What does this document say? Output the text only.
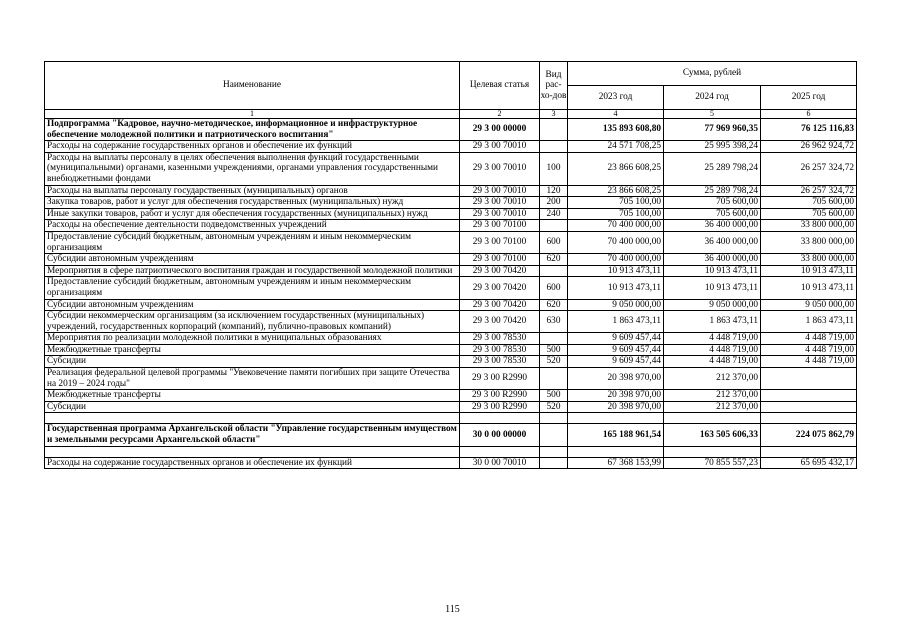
Наименование	Целевая статья	Вид рас-хо-дов	Сумма, рублей		
			2023 год	2024 год	2025 год
1	2	3	4	5	6
Подпрограмма "Кадровое, научно-методическое, информационное и инфраструктурное обеспечение молодежной политики и патриотического воспитания"	29 3 00 00000		135 893 608,80	77 969 960,35	76 125 116,83
Расходы на содержание государственных органов и обеспечение их функций	29 3 00 70010		24 571 708,25	25 995 398,24	26 962 924,72
Расходы на выплаты персоналу в целях обеспечения выполнения функций государственными (муниципальными) органами, казенными учреждениями, органами управления государственными внебюджетными фондами	29 3 00 70010	100	23 866 608,25	25 289 798,24	26 257 324,72
Расходы на выплаты персоналу государственных (муниципальных) органов	29 3 00 70010	120	23 866 608,25	25 289 798,24	26 257 324,72
Закупка товаров, работ и услуг для обеспечения государственных (муниципальных) нужд	29 3 00 70010	200	705 100,00	705 600,00	705 600,00
Иные закупки товаров, работ и услуг для обеспечения государственных (муниципальных) нужд	29 3 00 70010	240	705 100,00	705 600,00	705 600,00
Расходы на обеспечение деятельности подведомственных учреждений	29 3 00 70100		70 400 000,00	36 400 000,00	33 800 000,00
Предоставление субсидий бюджетным, автономным учреждениям и иным некоммерческим организациям	29 3 00 70100	600	70 400 000,00	36 400 000,00	33 800 000,00
Субсидии автономным учреждениям	29 3 00 70100	620	70 400 000,00	36 400 000,00	33 800 000,00
Мероприятия в сфере патриотического воспитания граждан и государственной молодежной политики	29 3 00 70420		10 913 473,11	10 913 473,11	10 913 473,11
Предоставление субсидий бюджетным, автономным учреждениям и иным некоммерческим организациям	29 3 00 70420	600	10 913 473,11	10 913 473,11	10 913 473,11
Субсидии автономным учреждениям	29 3 00 70420	620	9 050 000,00	9 050 000,00	9 050 000,00
Субсидии некоммерческим организациям (за исключением государственных (муниципальных) учреждений, государственных корпораций (компаний), публично-правовых компаний)	29 3 00 70420	630	1 863 473,11	1 863 473,11	1 863 473,11
Мероприятия по реализации молодежной политики в муниципальных образованиях	29 3 00 78530		9 609 457,44	4 448 719,00	4 448 719,00
Межбюджетные трансферты	29 3 00 78530	500	9 609 457,44	4 448 719,00	4 448 719,00
Субсидии	29 3 00 78530	520	9 609 457,44	4 448 719,00	4 448 719,00
Реализация федеральной целевой программы "Увековечение памяти погибших при защите Отечества на 2019 – 2024 годы"	29 3 00 R2990		20 398 970,00	212 370,00	
Межбюджетные трансферты	29 3 00 R2990	500	20 398 970,00	212 370,00	
Субсидии	29 3 00 R2990	520	20 398 970,00	212 370,00	

Государственная программа Архангельской области "Управление государственным имуществом и земельными ресурсами Архангельской области"	30 0 00 00000		165 188 961,54	163 505 606,33	224 075 862,79

Расходы на содержание государственных органов и обеспечение их функций	30 0 00 70010		67 368 153,99	70 855 557,23	65 695 432,17
115
